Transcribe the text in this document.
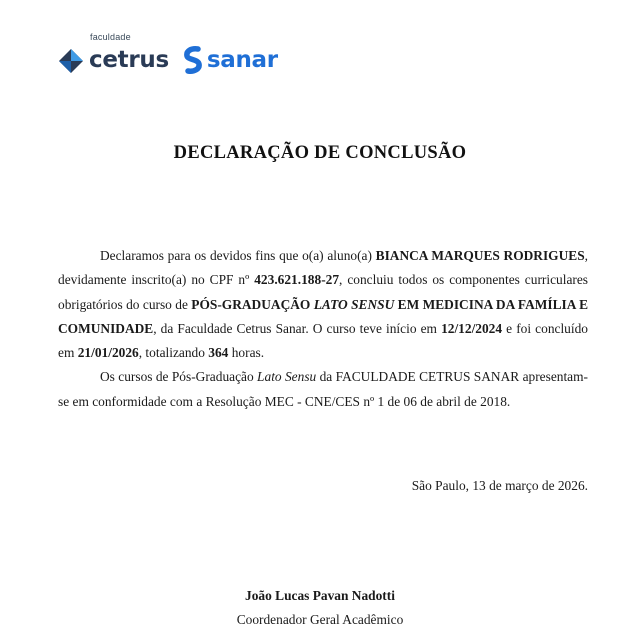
faculdade
cetrus sanar
DECLARAÇÃO DE CONCLUSÃO

Declaramos para os devidos fins que o(a) aluno(a) BIANCA MARQUES RODRIGUES, devidamente inscrito(a) no CPF nº 423.621.188-27, concluiu todos os componentes curriculares obrigatórios do curso de PÓS-GRADUAÇÃO LATO SENSU EM MEDICINA DA FAMÍLIA E COMUNIDADE, da Faculdade Cetrus Sanar. O curso teve início em 12/12/2024 e foi concluído em 21/01/2026, totalizando 364 horas.

Os cursos de Pós-Graduação Lato Sensu da FACULDADE CETRUS SANAR apresentam-se em conformidade com a Resolução MEC - CNE/CES nº 1 de 06 de abril de 2018.

São Paulo, 13 de março de 2026.
João Lucas Pavan Nadotti
Coordenador Geral Acadêmico
